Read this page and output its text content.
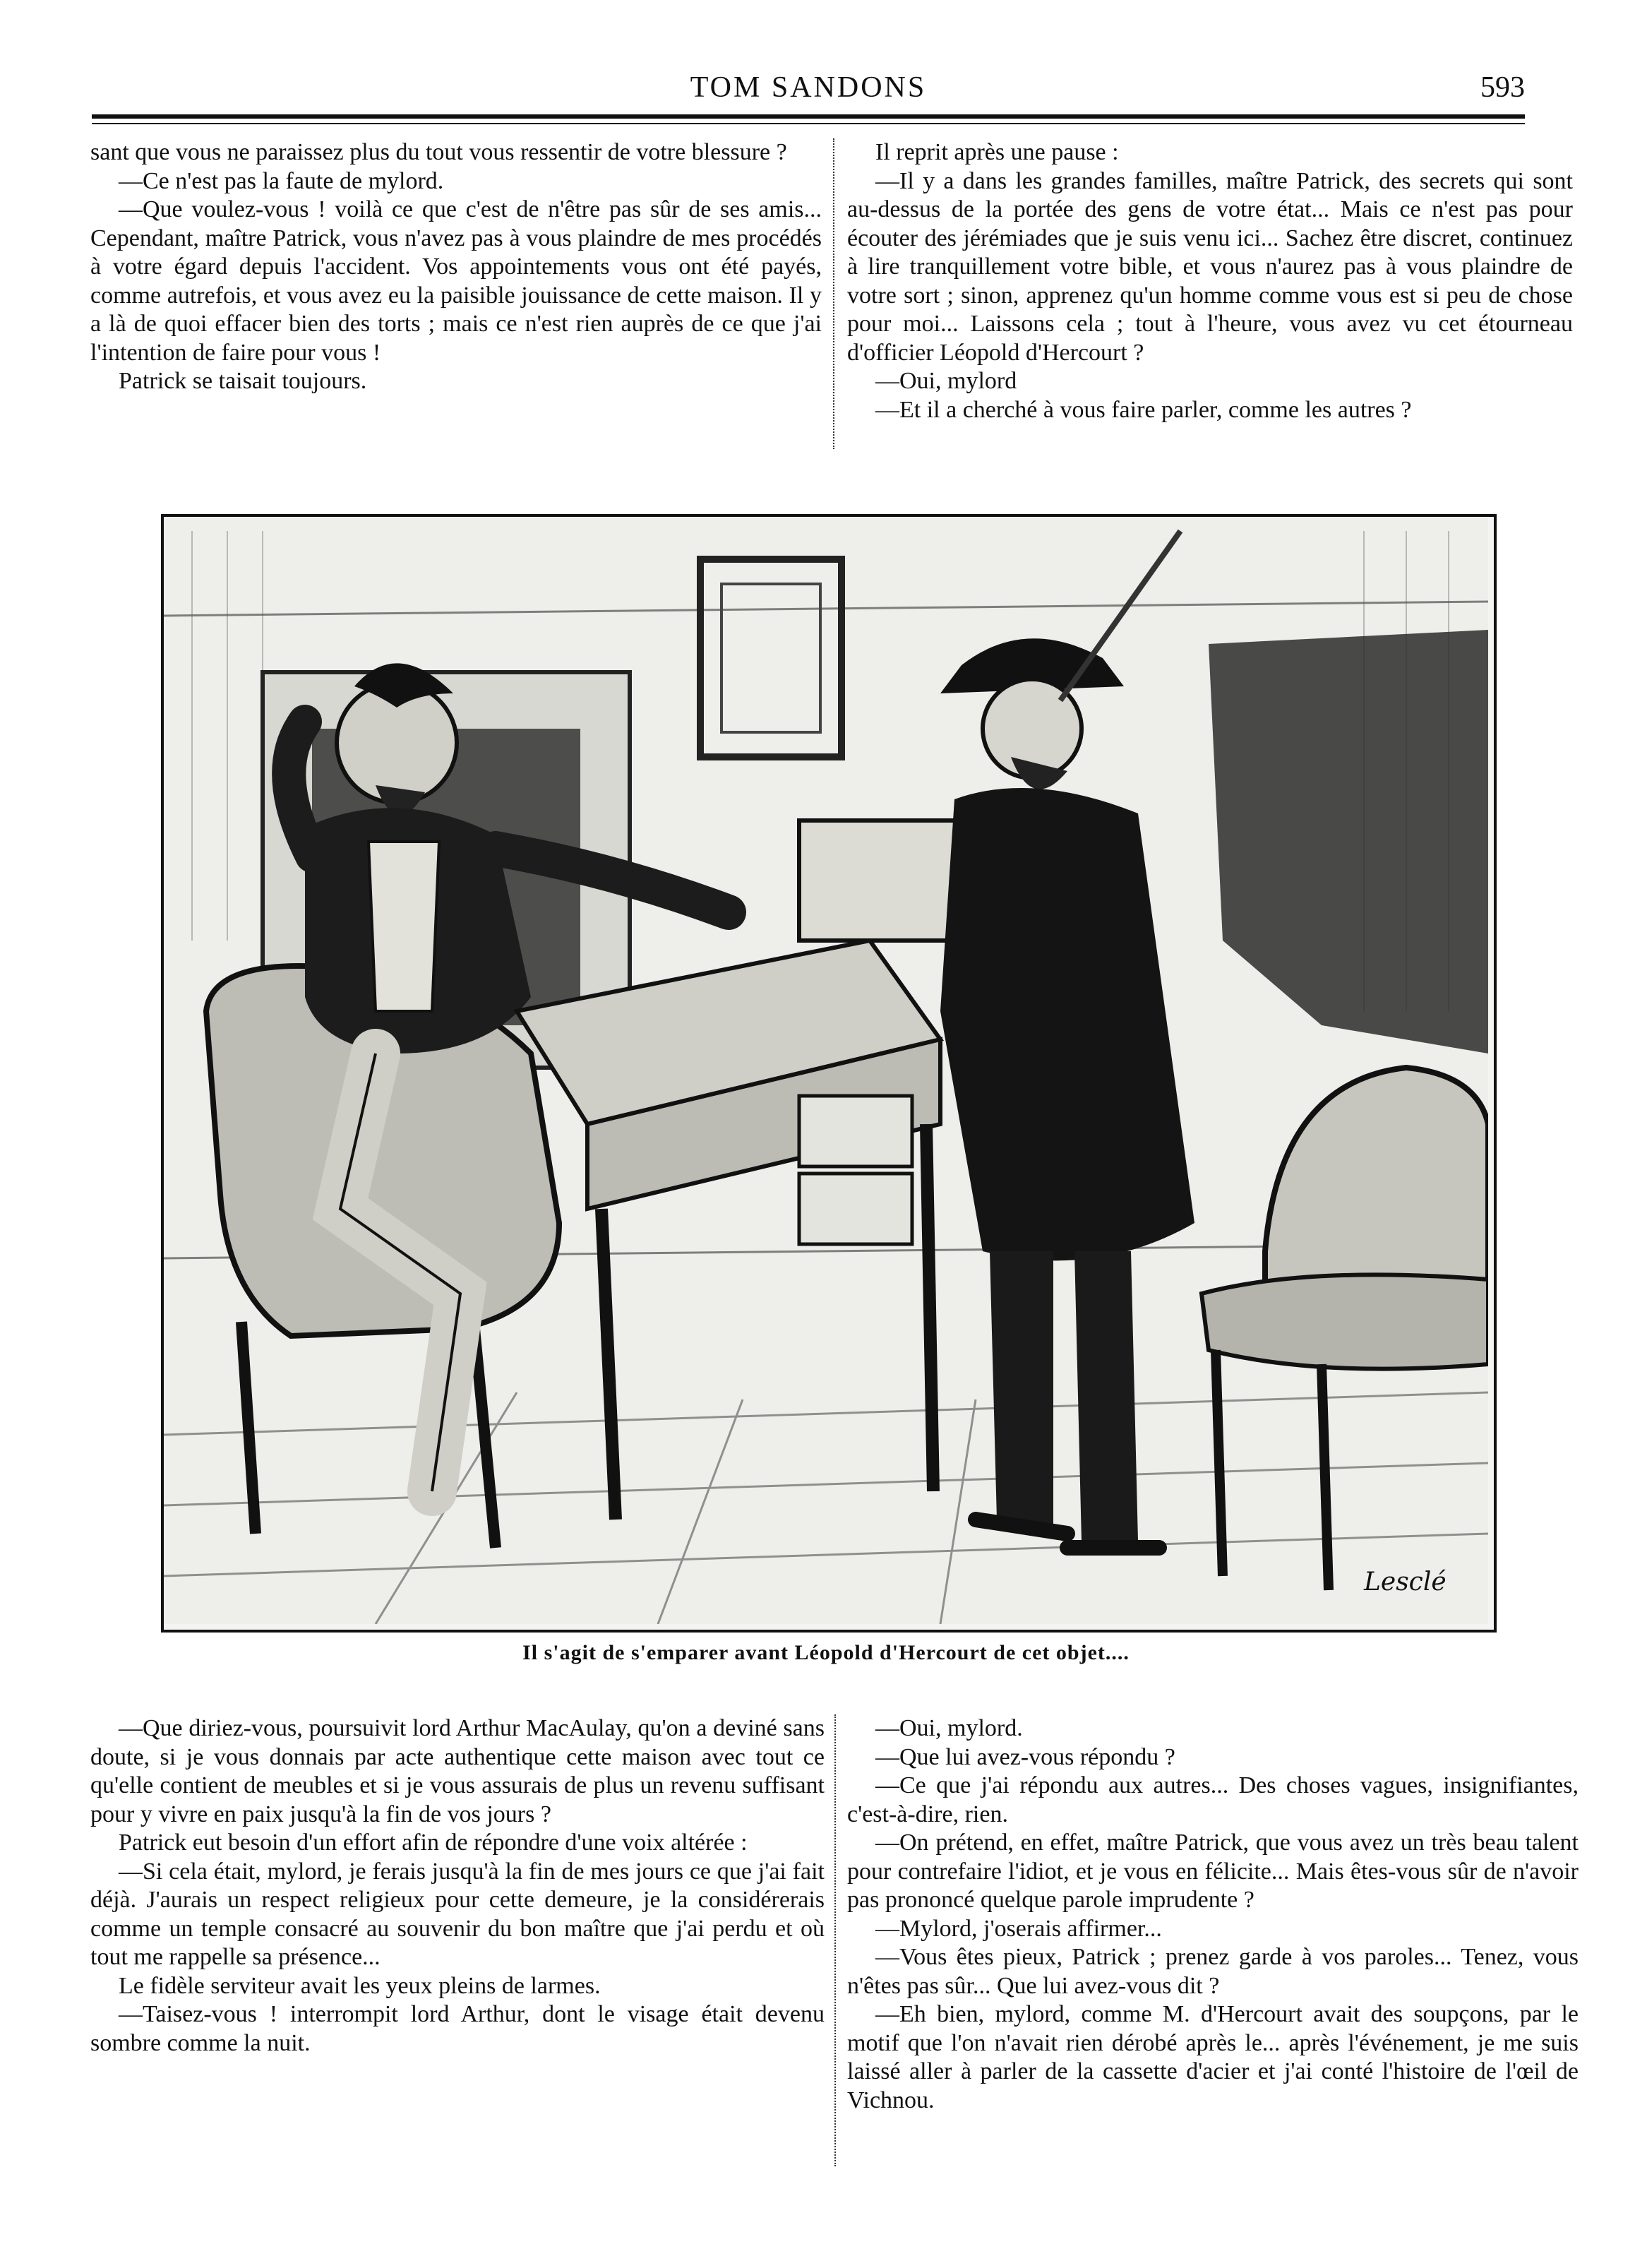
TOM SANDONS	593

sant que vous ne paraissez plus du tout vous ressentir de votre blessure ?

—Ce n'est pas la faute de mylord.

—Que voulez-vous ! voilà ce que c'est de n'être pas sûr de ses amis... Cependant, maître Patrick, vous n'avez pas à vous plaindre de mes procédés à votre égard depuis l'accident. Vos appointements vous ont été payés, comme autrefois, et vous avez eu la paisible jouissance de cette maison. Il y a là de quoi effacer bien des torts ; mais ce n'est rien auprès de ce que j'ai l'intention de faire pour vous !

Patrick se taisait toujours.

Il reprit après une pause :

—Il y a dans les grandes familles, maître Patrick, des secrets qui sont au-dessus de la portée des gens de votre état... Mais ce n'est pas pour écouter des jérémiades que je suis venu ici... Sachez être discret, continuez à lire tranquillement votre bible, et vous n'aurez pas à vous plaindre de votre sort ; sinon, apprenez qu'un homme comme vous est si peu de chose pour moi... Laissons cela ; tout à l'heure, vous avez vu cet étourneau d'officier Léopold d'Hercourt ?

—Oui, mylord

—Et il a cherché à vous faire parler, comme les autres ?

Lesclé
Il s'agit de s'emparer avant Léopold d'Hercourt de cet objet....

—Que diriez-vous, poursuivit lord Arthur MacAulay, qu'on a deviné sans doute, si je vous donnais par acte authentique cette maison avec tout ce qu'elle contient de meubles et si je vous assurais de plus un revenu suffisant pour y vivre en paix jusqu'à la fin de vos jours ?

Patrick eut besoin d'un effort afin de répondre d'une voix altérée :

—Si cela était, mylord, je ferais jusqu'à la fin de mes jours ce que j'ai fait déjà. J'aurais un respect religieux pour cette demeure, je la considérerais comme un temple consacré au souvenir du bon maître que j'ai perdu et où tout me rappelle sa présence...

Le fidèle serviteur avait les yeux pleins de larmes.

—Taisez-vous ! interrompit lord Arthur, dont le visage était devenu sombre comme la nuit.

—Oui, mylord.

—Que lui avez-vous répondu ?

—Ce que j'ai répondu aux autres... Des choses vagues, insignifiantes, c'est-à-dire, rien.

—On prétend, en effet, maître Patrick, que vous avez un très beau talent pour contrefaire l'idiot, et je vous en félicite... Mais êtes-vous sûr de n'avoir pas prononcé quelque parole imprudente ?

—Mylord, j'oserais affirmer...

—Vous êtes pieux, Patrick ; prenez garde à vos paroles... Tenez, vous n'êtes pas sûr... Que lui avez-vous dit ?

—Eh bien, mylord, comme M. d'Hercourt avait des soupçons, par le motif que l'on n'avait rien dérobé après le... après l'événement, je me suis laissé aller à parler de la cassette d'acier et j'ai conté l'histoire de l'œil de Vichnou.
